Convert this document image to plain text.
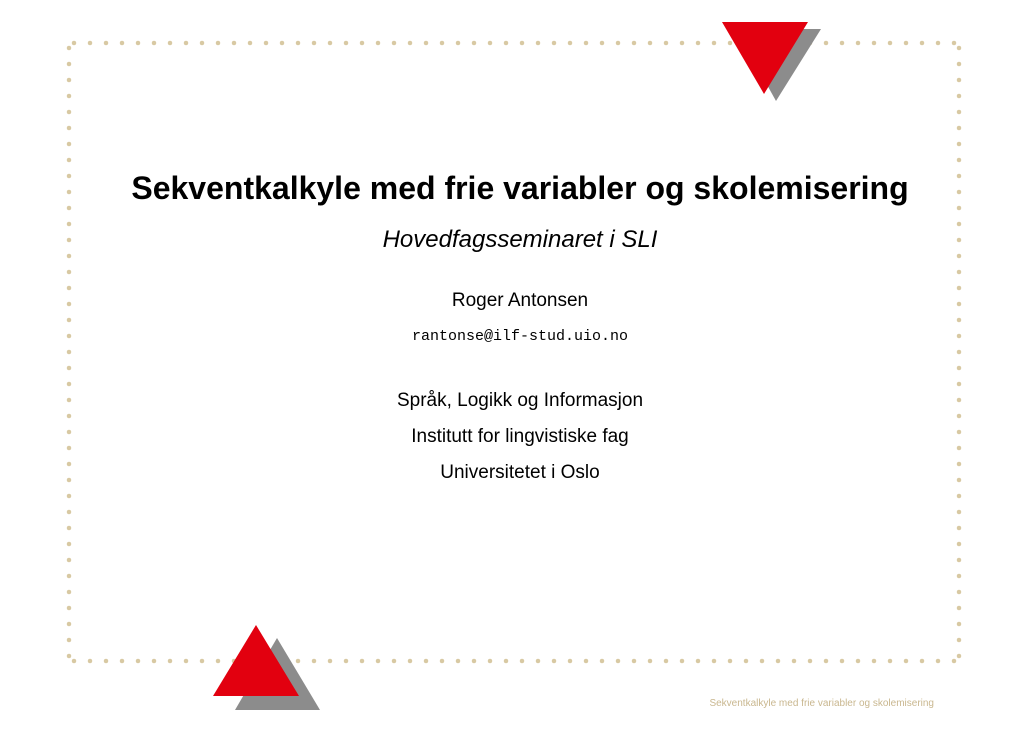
Sekventkalkyle med frie variabler og skolemisering
Hovedfagsseminaret i SLI
Roger Antonsen
rantonse@ilf-stud.uio.no
Språk, Logikk og Informasjon
Institutt for lingvistiske fag
Universitetet i Oslo
Sekventkalkyle med frie variabler og skolemisering
